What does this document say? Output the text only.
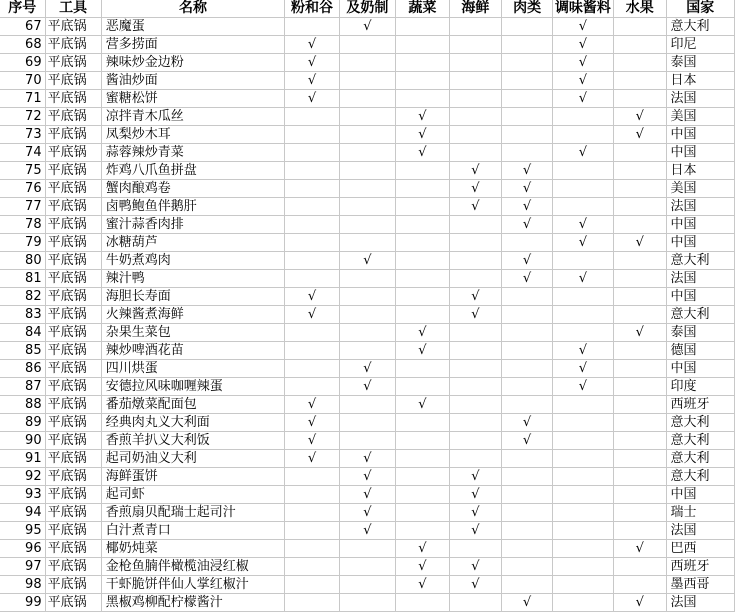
序号	工具	名称	粉和谷	及奶制	蔬菜	海鲜	肉类	调味酱料	水果	国家
67	平底锅	恶魔蛋		√				√		意大利
68	平底锅	营多捞面	√					√		印尼
69	平底锅	辣味炒金边粉	√					√		泰国
70	平底锅	酱油炒面	√					√		日本
71	平底锅	蜜糖松饼	√					√		法国
72	平底锅	凉拌青木瓜丝			√				√	美国
73	平底锅	凤梨炒木耳			√				√	中国
74	平底锅	蒜蓉辣炒青菜			√			√		中国
75	平底锅	炸鸡八爪鱼拼盘				√	√			日本
76	平底锅	蟹肉酿鸡卷				√	√			美国
77	平底锅	卤鸭鲍鱼伴鹅肝				√	√			法国
78	平底锅	蜜汁蒜香肉排					√	√		中国
79	平底锅	冰糖葫芦						√	√	中国
80	平底锅	牛奶煮鸡肉		√			√			意大利
81	平底锅	辣汁鸭					√	√		法国
82	平底锅	海胆长寿面	√			√				中国
83	平底锅	火辣酱煮海鲜	√			√				意大利
84	平底锅	杂果生菜包			√				√	泰国
85	平底锅	辣炒啤酒花苗			√			√		德国
86	平底锅	四川烘蛋		√				√		中国
87	平底锅	安德拉风味咖喱辣蛋		√				√		印度
88	平底锅	番茄燉菜配面包	√		√					西班牙
89	平底锅	经典肉丸义大利面	√				√			意大利
90	平底锅	香煎羊扒义大利饭	√				√			意大利
91	平底锅	起司奶油义大利	√	√						意大利
92	平底锅	海鲜蛋饼		√		√				意大利
93	平底锅	起司虾		√		√				中国
94	平底锅	香煎扇贝配瑞士起司汁		√		√				瑞士
95	平底锅	白汁煮青口		√		√				法国
96	平底锅	椰奶炖菜			√				√	巴西
97	平底锅	金枪鱼腩伴橄榄油浸红椒			√	√				西班牙
98	平底锅	干虾脆饼伴仙人掌红椒汁			√	√				墨西哥
99	平底锅	黑椒鸡柳配柠檬酱汁					√		√	法国
